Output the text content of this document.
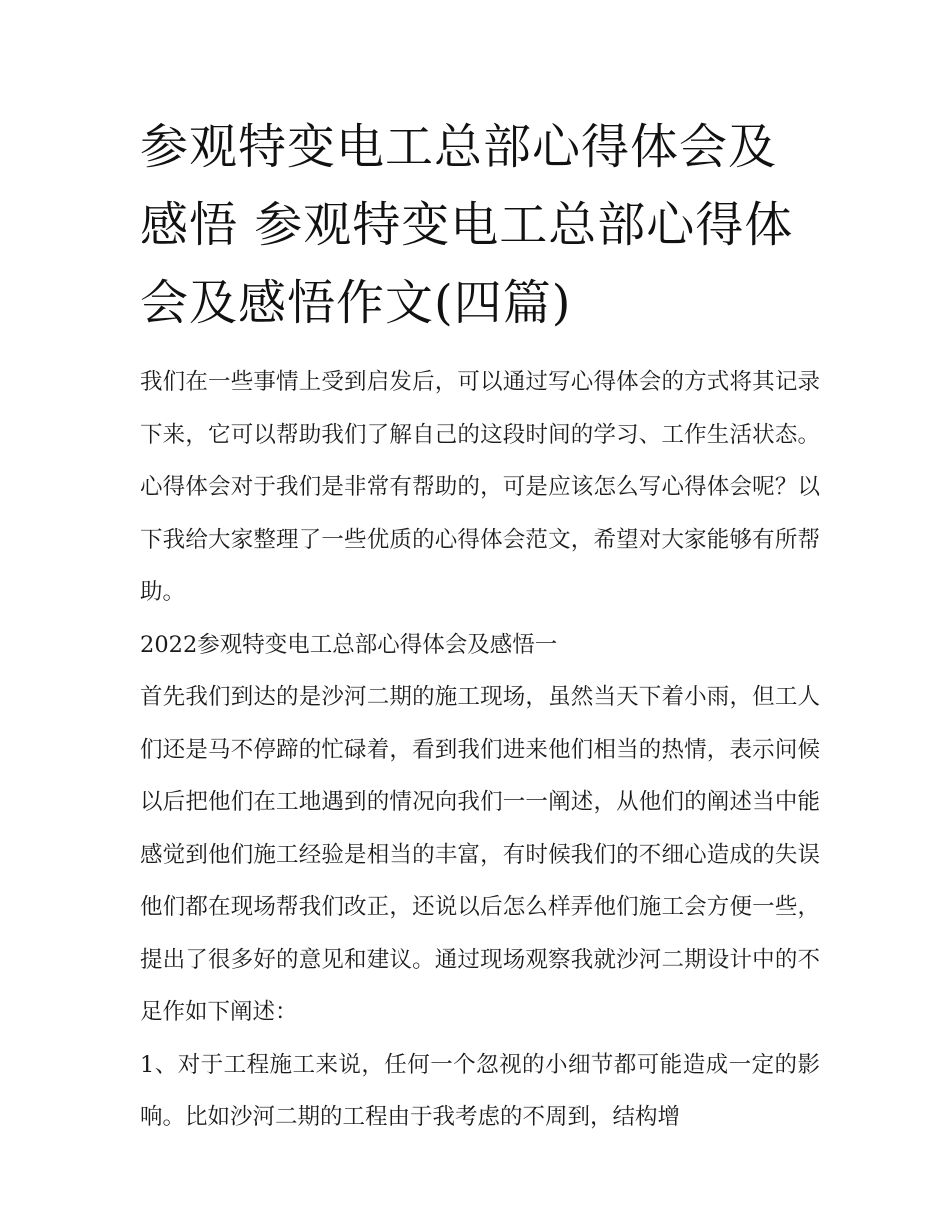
参观特变电工总部心得体会及感悟 参观特变电工总部心得体会及感悟作文(四篇)

我们在一些事情上受到启发后，可以通过写心得体会的方式将其记录下来，它可以帮助我们了解自己的这段时间的学习、工作生活状态。心得体会对于我们是非常有帮助的，可是应该怎么写心得体会呢？以下我给大家整理了一些优质的心得体会范文，希望对大家能够有所帮助。

2022参观特变电工总部心得体会及感悟一

首先我们到达的是沙河二期的施工现场，虽然当天下着小雨，但工人们还是马不停蹄的忙碌着，看到我们进来他们相当的热情，表示问候以后把他们在工地遇到的情况向我们一一阐述，从他们的阐述当中能感觉到他们施工经验是相当的丰富，有时候我们的不细心造成的失误他们都在现场帮我们改正，还说以后怎么样弄他们施工会方便一些，提出了很多好的意见和建议。通过现场观察我就沙河二期设计中的不足作如下阐述：

1、对于工程施工来说，任何一个忽视的小细节都可能造成一定的影响。比如沙河二期的工程由于我考虑的不周到，结构增
